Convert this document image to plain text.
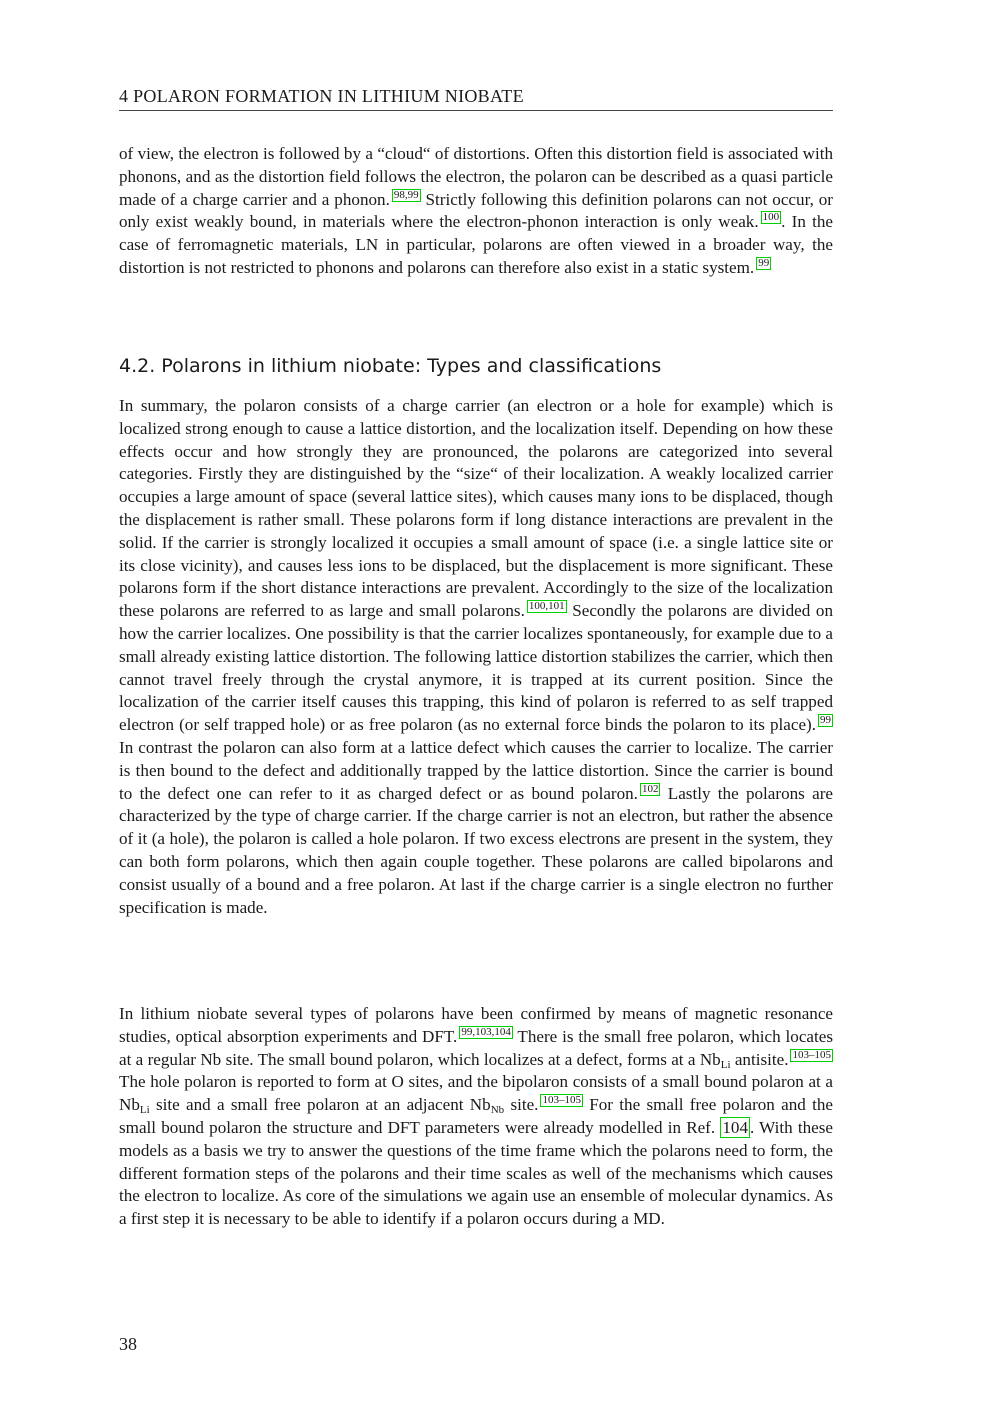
4 POLARON FORMATION IN LITHIUM NIOBATE

of view, the electron is followed by a “cloud“ of distortions. Often this distortion field is associated with phonons, and as the distortion field follows the electron, the polaron can be described as a quasi particle made of a charge carrier and a phonon. 98,99 Strictly following this definition polarons can not occur, or only exist weakly bound, in materials where the electron-phonon interaction is only weak. 100 . In the case of ferromagnetic materials, LN in particular, polarons are often viewed in a broader way, the distortion is not restricted to phonons and polarons can therefore also exist in a static system. 99

4.2. Polarons in lithium niobate: Types and classifications

In summary, the polaron consists of a charge carrier (an electron or a hole for example) which is localized strong enough to cause a lattice distortion, and the localization itself. Depending on how these effects occur and how strongly they are pronounced, the polarons are categorized into several categories. Firstly they are distinguished by the “size“ of their localization. A weakly localized carrier occupies a large amount of space (several lattice sites), which causes many ions to be displaced, though the displacement is rather small. These polarons form if long distance interactions are prevalent in the solid. If the carrier is strongly localized it occupies a small amount of space (i.e. a single lattice site or its close vicinity), and causes less ions to be displaced, but the displacement is more significant. These polarons form if the short distance interactions are prevalent. Accordingly to the size of the localization these polarons are referred to as large and small polarons. 100,101 Secondly the polarons are divided on how the carrier localizes. One possibility is that the carrier localizes spontaneously, for example due to a small already existing lattice distortion. The following lattice distortion stabilizes the carrier, which then cannot travel freely through the crystal anymore, it is trapped at its current position. Since the localization of the carrier itself causes this trapping, this kind of polaron is referred to as self trapped electron (or self trapped hole) or as free polaron (as no external force binds the polaron to its place). 99 In contrast the polaron can also form at a lattice defect which causes the carrier to localize. The carrier is then bound to the defect and additionally trapped by the lattice distortion. Since the carrier is bound to the defect one can refer to it as charged defect or as bound polaron. 102 Lastly the polarons are characterized by the type of charge carrier. If the charge carrier is not an electron, but rather the absence of it (a hole), the polaron is called a hole polaron. If two excess electrons are present in the system, they can both form polarons, which then again couple together. These polarons are called bipolarons and consist usually of a bound and a free polaron. At last if the charge carrier is a single electron no further specification is made.

In lithium niobate several types of polarons have been confirmed by means of magnetic resonance studies, optical absorption experiments and DFT. 99,103,104 There is the small free polaron, which locates at a regular Nb site. The small bound polaron, which localizes at a defect, forms at a $Nb_{Li}$ antisite. 103–105 The hole polaron is reported to form at O sites, and the bipolaron consists of a small bound polaron at a $Nb_{Li}$ site and a small free polaron at an adjacent $Nb_{Nb}$ site. 103–105 For the small free polaron and the small bound polaron the structure and DFT parameters were already modelled in Ref. 104 . With these models as a basis we try to answer the questions of the time frame which the polarons need to form, the different formation steps of the polarons and their time scales as well of the mechanisms which causes the electron to localize. As core of the simulations we again use an ensemble of molecular dynamics. As a first step it is necessary to be able to identify if a polaron occurs during a MD.

38
